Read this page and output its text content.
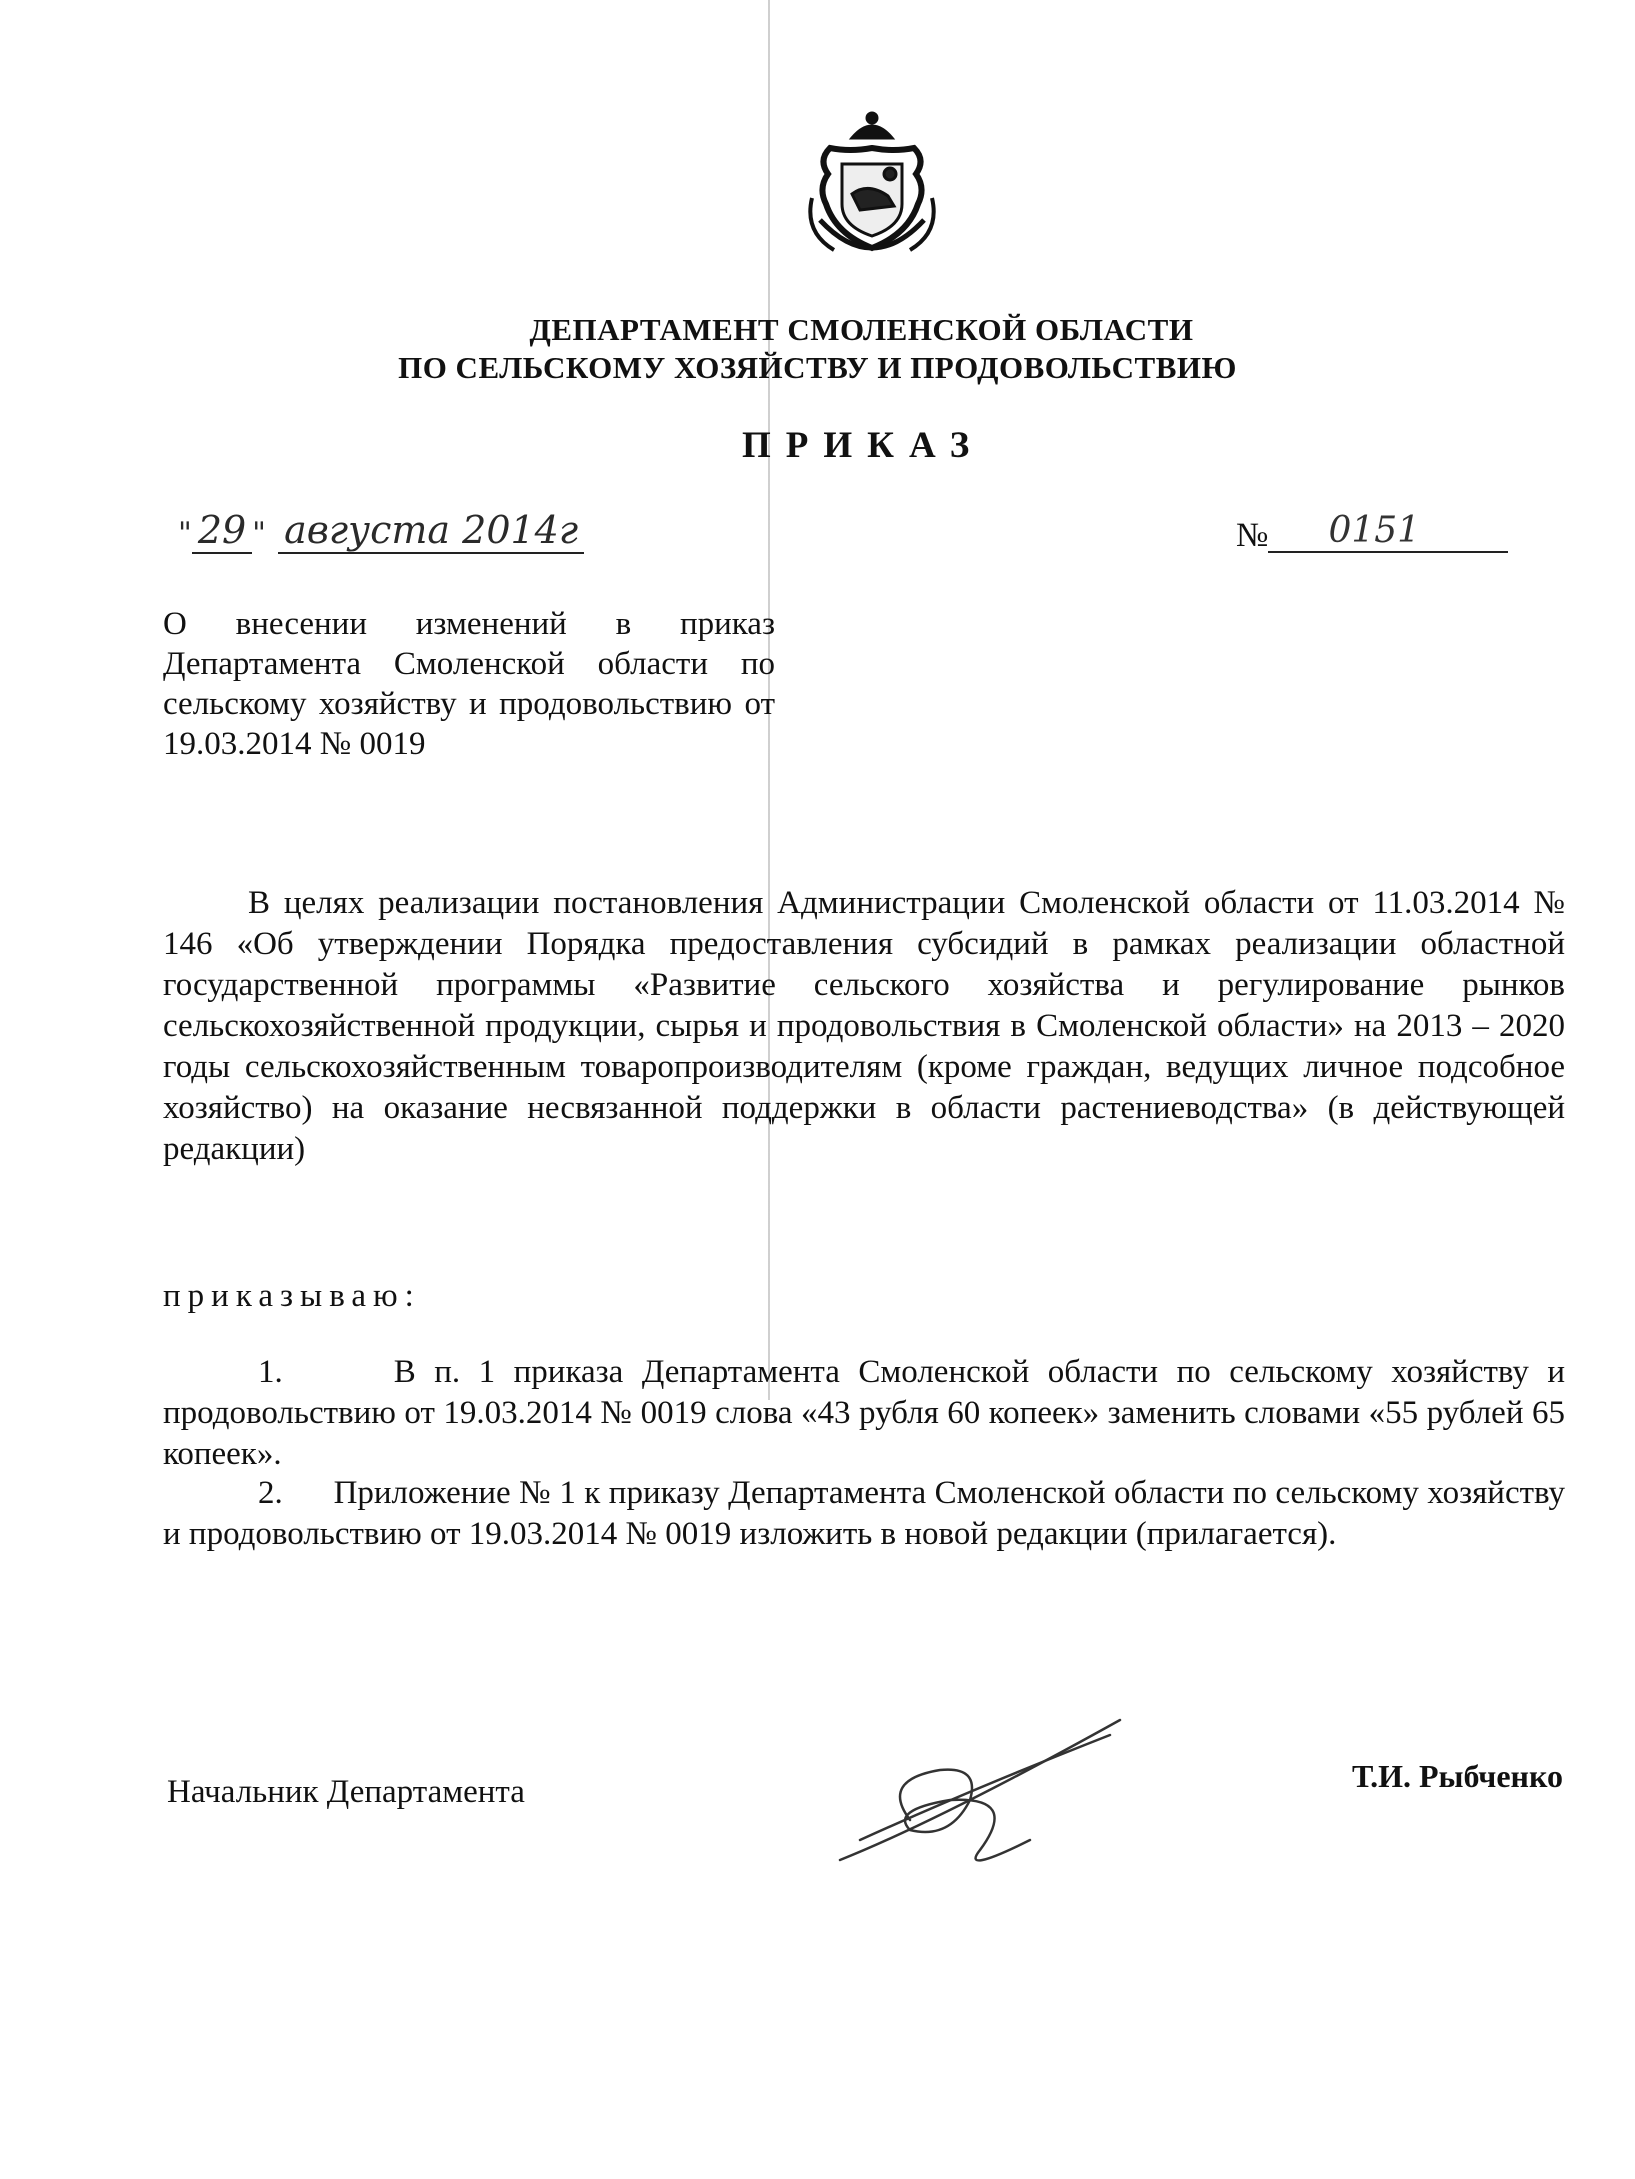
ДЕПАРТАМЕНТ СМОЛЕНСКОЙ ОБЛАСТИ
ПО СЕЛЬСКОМУ ХОЗЯЙСТВУ И ПРОДОВОЛЬСТВИЮ
ПРИКАЗ
" 29 " августа 2014г	№ 0151
О внесении изменений в приказ Департамента Смоленской области по сельскому хозяйству и продовольствию от 19.03.2014 № 0019
В целях реализации постановления Администрации Смоленской области от 11.03.2014 № 146 «Об утверждении Порядка предоставления субсидий в рамках реализации областной государственной программы «Развитие сельского хозяйства и регулирование рынков сельскохозяйственной продукции, сырья и продовольствия в Смоленской области» на 2013 – 2020 годы сельскохозяйственным товаропроизводителям (кроме граждан, ведущих личное подсобное хозяйство) на оказание несвязанной поддержки в области растениеводства» (в действующей редакции)
приказываю:
1.	В п. 1 приказа Департамента Смоленской области по сельскому хозяйству и продовольствию от 19.03.2014 № 0019 слова «43 рубля 60 копеек» заменить словами «55 рублей 65 копеек».
2. Приложение № 1 к приказу Департамента Смоленской области по сельскому хозяйству и продовольствию от 19.03.2014 № 0019 изложить в новой редакции (прилагается).
Начальник Департамента	Т.И. Рыбченко
